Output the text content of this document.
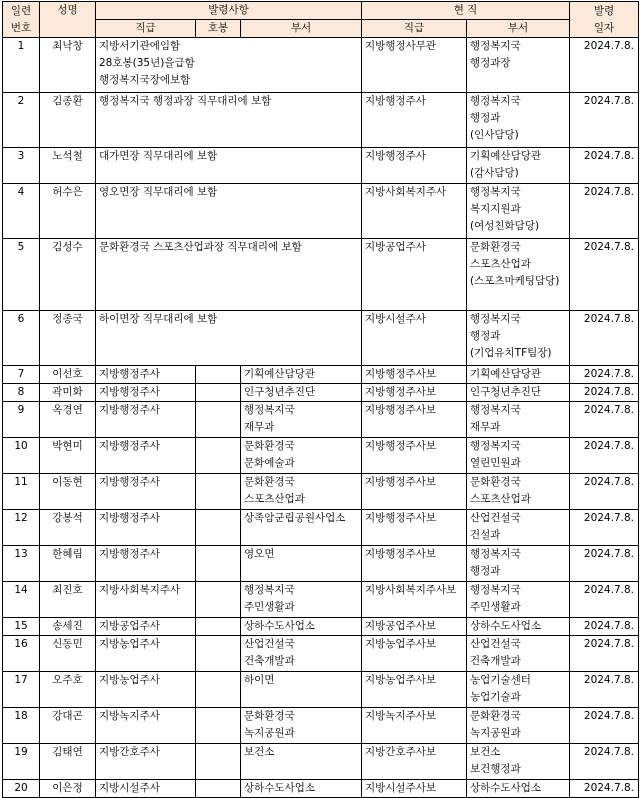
일련
번호	성명	발령사항			현 직		발령
일자

		직급	호봉	부서	직급	부서	
1	최낙창	지방서기관에임함
28호봉(35년)을급함
행정복지국장에보함			지방행정사무관	행정복지국
행정과장	2024.7.8.
2	김종환	행정복지국 행정과장 직무대리에 보함			지방행정주사	행정복지국
행정과
(인사담당)	2024.7.8.
3	노석철	대가면장 직무대리에 보함			지방행정주사	기획예산담당관
(감사담당)	2024.7.8.
4	허수은	영오면장 직무대리에 보함			지방사회복지주사	행정복지국
복지지원과
(여성친화담당)	2024.7.8.
5	김성수	문화환경국 스포츠산업과장 직무대리에 보함			지방공업주사	문화환경국
스포츠산업과
(스포츠마케팅담당)	2024.7.8.
6	정종국	하이면장 직무대리에 보함			지방시설주사	행정복지국
행정과
(기업유치TF팀장)	2024.7.8.
7	이선호	지방행정주사		기획예산담당관	지방행정주사보	기획예산담당관	2024.7.8.
8	곽미화	지방행정주사		인구청년추진단	지방행정주사보	인구청년추진단	2024.7.8.
9	옥경연	지방행정주사		행정복지국
재무과	지방행정주사보	행정복지국
재무과	2024.7.8.
10	박현미	지방행정주사		문화환경국
문화예술과	지방행정주사보	행정복지국
열린민원과	2024.7.8.
11	이동현	지방행정주사		문화환경국
스포츠산업과	지방행정주사보	문화환경국
스포츠산업과	2024.7.8.
12	강봉석	지방행정주사		상족암군립공원사업소	지방행정주사보	산업건설국
건설과	2024.7.8.
13	한혜림	지방행정주사		영오면	지방행정주사보	행정복지국
행정과	2024.7.8.
14	최진호	지방사회복지주사		행정복지국
주민생활과	지방사회복지주사보	행정복지국
주민생활과	2024.7.8.
15	송세진	지방공업주사		상하수도사업소	지방공업주사보	상하수도사업소	2024.7.8.
16	신동민	지방농업주사		산업건설국
건축개발과	지방농업주사보	산업건설국
건축개발과	2024.7.8.
17	오주호	지방농업주사		하이면	지방농업주사보	농업기술센터
농업기술과	2024.7.8.
18	강대곤	지방녹지주사		문화환경국
녹지공원과	지방녹지주사보	문화환경국
녹지공원과	2024.7.8.
19	김태연	지방간호주사		보건소	지방간호주사보	보건소
보건행정과	2024.7.8.
20	이은정	지방시설주사		상하수도사업소	지방시설주사보	상하수도사업소	2024.7.8.
